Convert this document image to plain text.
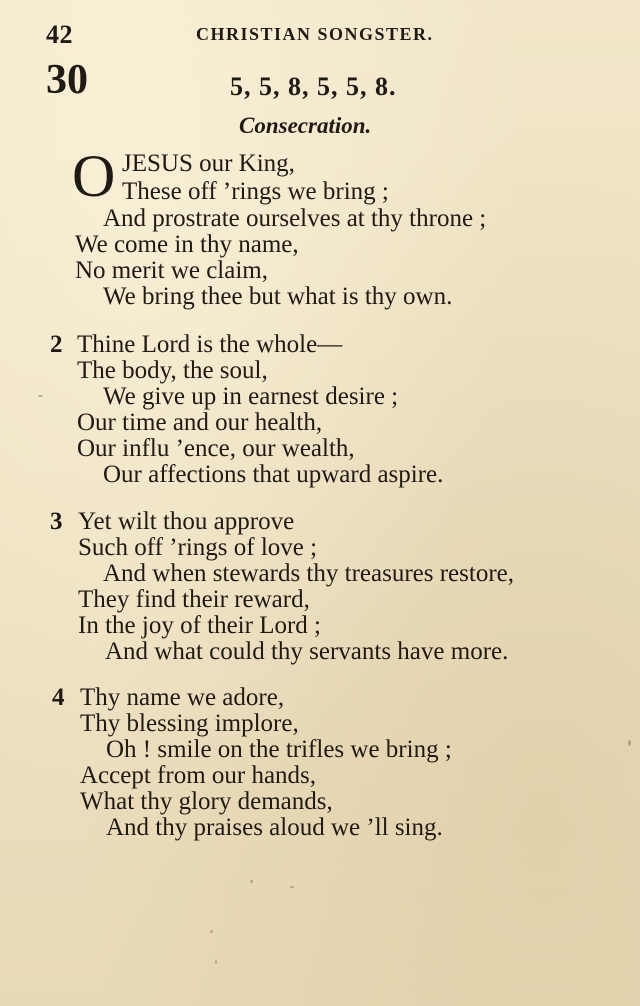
42	CHRISTIAN SONGSTER.
30	5, 5, 8, 5, 5, 8.
Consecration.
O JESUS our King,
These off ’rings we bring ;
And prostrate ourselves at thy throne ;
We come in thy name,
No merit we claim,
We bring thee but what is thy own.
2 Thine Lord is the whole—
The body, the soul,
We give up in earnest desire ;
Our time and our health,
Our influ ’ence, our wealth,
Our affections that upward aspire.
3 Yet wilt thou approve
Such off ’rings of love ;
And when stewards thy treasures restore,
They find their reward,
In the joy of their Lord ;
And what could thy servants have more.
4 Thy name we adore,
Thy blessing implore,
Oh ! smile on the trifles we bring ;
Accept from our hands,
What thy glory demands,
And thy praises aloud we ’ll sing.
